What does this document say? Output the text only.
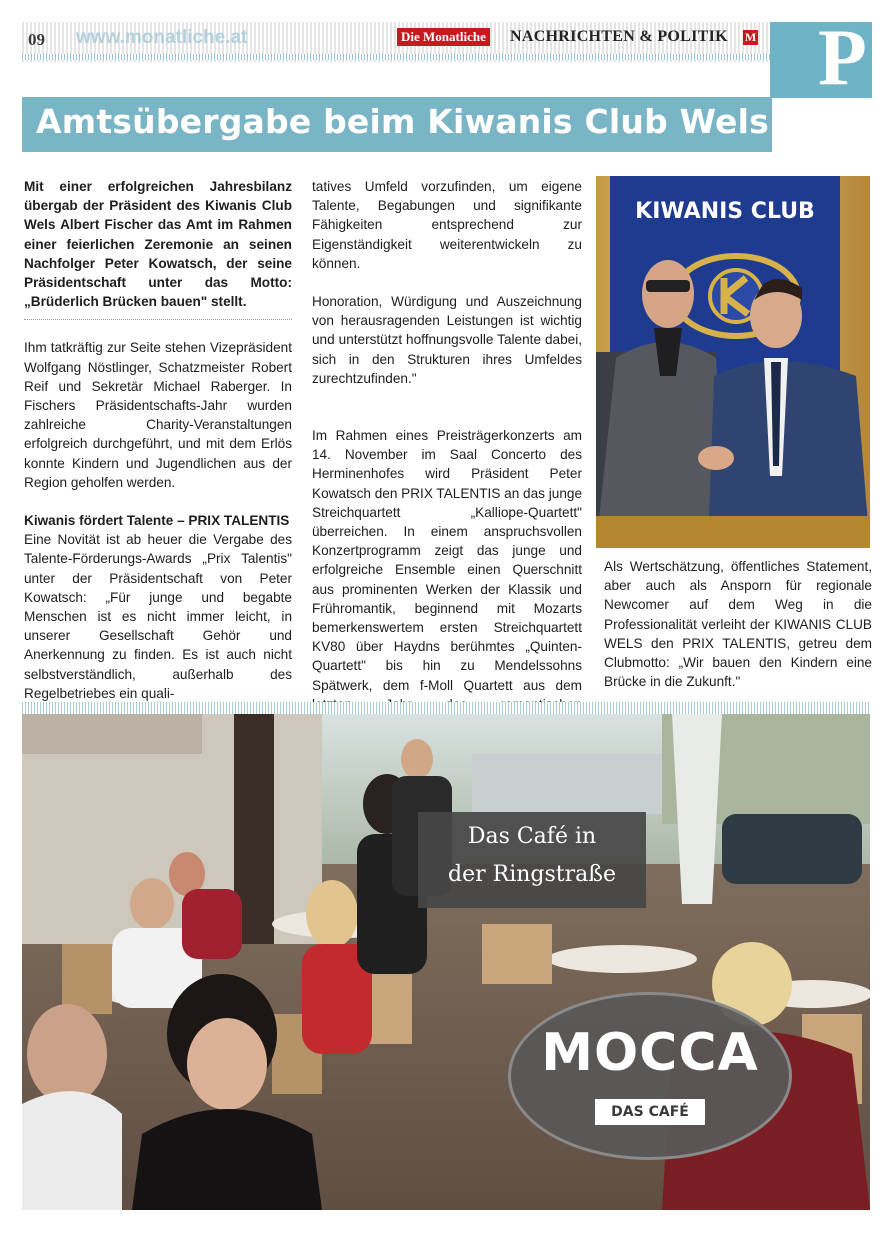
09 www.monatliche.at	Die Monatliche NACHRICHTEN & POLITIK M P
Amtsübergabe beim Kiwanis Club Wels

Mit einer erfolgreichen Jahresbilanz übergab der Präsident des Kiwanis Club Wels Albert Fischer das Amt im Rahmen einer feierlichen Zeremonie an seinen Nachfolger Peter Kowatsch, der seine Präsidentschaft unter das Motto: „Brüderlich Brücken bauen" stellt.

Ihm tatkräftig zur Seite stehen Vizepräsident Wolfgang Nöstlinger, Schatzmeister Robert Reif und Sekretär Michael Raberger. In Fischers Präsidentschafts-Jahr wurden zahlreiche Charity-Veranstaltungen erfolgreich durchgeführt, und mit dem Erlös konnte Kindern und Jugendlichen aus der Region geholfen werden.

Kiwanis fördert Talente – PRIX TALENTIS

Eine Novität ist ab heuer die Vergabe des Talente-Förderungs-Awards „Prix Talentis" unter der Präsidentschaft von Peter Kowatsch: „Für junge und begabte Menschen ist es nicht immer leicht, in unserer Gesellschaft Gehör und Anerkennung zu finden. Es ist auch nicht selbstverständlich, außerhalb des Regelbetriebes ein quali-

tatives Umfeld vorzufinden, um eigene Talente, Begabungen und signifikante Fähigkeiten entsprechend zur Eigenständigkeit weiterentwickeln zu können.

Honoration, Würdigung und Auszeichnung von herausragenden Leistungen ist wichtig und unterstützt hoffnungsvolle Talente dabei, sich in den Strukturen ihres Umfeldes zurechtzufinden."

Im Rahmen eines Preisträgerkonzerts am 14. November im Saal Concerto des Herminenhofes wird Präsident Peter Kowatsch den PRIX TALENTIS an das junge Streichquartett „Kalliope-Quartett" überreichen. In einem anspruchsvollen Konzertprogramm zeigt das junge und erfolgreiche Ensemble einen Querschnitt aus prominenten Werken der Klassik und Frühromantik, beginnend mit Mozarts bemerkenswertem ersten Streichquartett KV80 über Haydns berühmtes „Quinten-Quartett" bis hin zu Mendelssohns Spätwerk, dem f-Moll Quartett aus dem

KIWANIS CLUB

Als Wertschätzung, öffentliches Statement, aber auch als Ansporn für regionale Newcomer auf dem Weg in die Professionalität verleiht der KIWANIS CLUB WELS den PRIX TALENTIS, getreu dem Clubmotto: „Wir bauen den Kindern eine Brücke in die Zukunft."

Das Café in
der Ringstraße
MOCCA
DAS CAFÉ
